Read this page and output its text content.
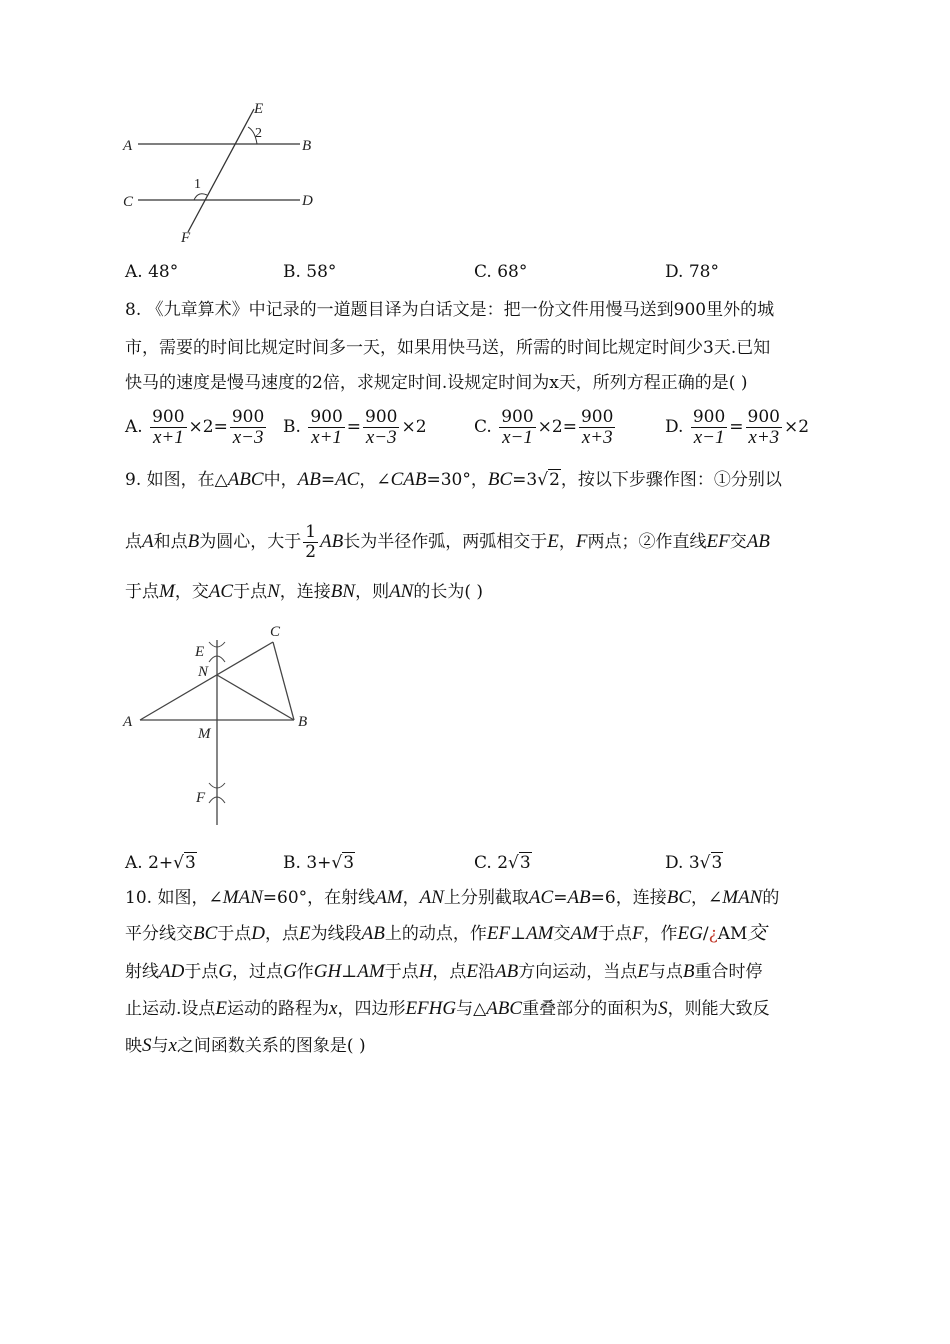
E
2
A	B
1
C	D
F
A. 48°	B. 58°	C. 68°	D. 78°
8. 《九章算术》中记录的一道题目译为白话文是：把一份文件用慢马送到900里外的城
市，需要的时间比规定时间多一天，如果用快马送，所需的时间比规定时间少3天.已知
快马的速度是慢马速度的2倍，求规定时间.设规定时间为x天，所列方程正确的是( )
A. $\frac{900}{x+1} \times 2= \frac{900}{x-3} B$. $\frac{900}{x+1} = \frac{900}{x-3} \times 2$	C. $\frac{900}{x-1} \times 2= \frac{900}{x+3}$	D. $\frac{900}{x-1} = \frac{900}{x+3} \times 2$
9. 如图，在△ABC中，AB=AC，∠CAB=30°，BC=3√2，按以下步骤作图：①分别以
点A和点B为圆心，大于 $\frac{1}{2}$ AB长为半径作弧，两弧相交于E，F两点；②作直线EF交AB
于点M，交AC于点N，连接BN，则AN的长为( )
C
E
N
A
M
B
F
A. 2+√3	B. 3+√3	C. 2√3	D. 3√3
10. 如图，∠MAN=60°，在射线AM，AN上分别截取AC=AB=6，连接BC，∠MAN的
平分线交BC于点D，点E为线段AB上的动点，作EF⊥AM交AM于点F，作EG/¿AM交
射线AD于点G，过点G作GH⊥AM于点H，点E沿AB方向运动，当点E与点B重合时停
止运动.设点E运动的路程为x，四边形EFHG与△ABC重叠部分的面积为S，则能大致反
映S与x之间函数关系的图象是( )
